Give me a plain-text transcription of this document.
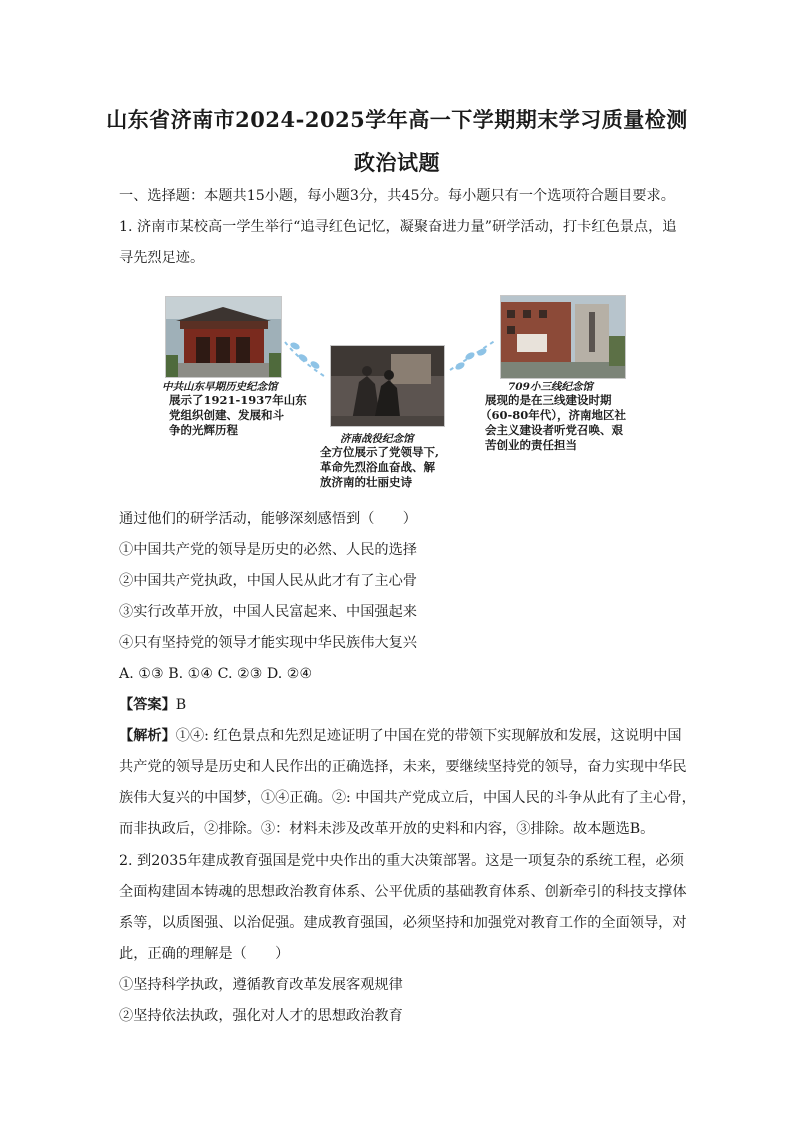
山东省济南市2024-2025学年高一下学期期末学习质量检测
政治试题
一、选择题：本题共15小题，每小题3分，共45分。每小题只有一个选项符合题目要求。
1. 济南市某校高一学生举行“追寻红色记忆，凝聚奋进力量”研学活动，打卡红色景点，追
寻先烈足迹。
中共山东早期历史纪念馆
展示了1921-1937年山东
党组织创建、发展和斗
争的光辉历程
济南战役纪念馆
全方位展示了党领导下,
革命先烈浴血奋战、解
放济南的壮丽史诗
709小三线纪念馆
展现的是在三线建设时期
（60-80年代），济南地区社
会主义建设者听党召唤、艰
苦创业的责任担当
通过他们的研学活动，能够深刻感悟到（　　）
①中国共产党的领导是历史的必然、人民的选择
②中国共产党执政，中国人民从此才有了主心骨
③实行改革开放，中国人民富起来、中国强起来
④只有坚持党的领导才能实现中华民族伟大复兴
A. ①③ B. ①④ C. ②③ D. ②④
【答案】B
【解析】①④: 红色景点和先烈足迹证明了中国在党的带领下实现解放和发展，这说明中国
共产党的领导是历史和人民作出的正确选择，未来，要继续坚持党的领导，奋力实现中华民
族伟大复兴的中国梦，①④正确。②: 中国共产党成立后，中国人民的斗争从此有了主心骨，
而非执政后，②排除。③：材料未涉及改革开放的史料和内容，③排除。故本题选B。
2. 到2035年建成教育强国是党中央作出的重大决策部署。这是一项复杂的系统工程，必须
全面构建固本铸魂的思想政治教育体系、公平优质的基础教育体系、创新牵引的科技支撑体
系等，以质图强、以治促强。建成教育强国，必须坚持和加强党对教育工作的全面领导，对
此，正确的理解是（　　）
①坚持科学执政，遵循教育改革发展客观规律
②坚持依法执政，强化对人才的思想政治教育
